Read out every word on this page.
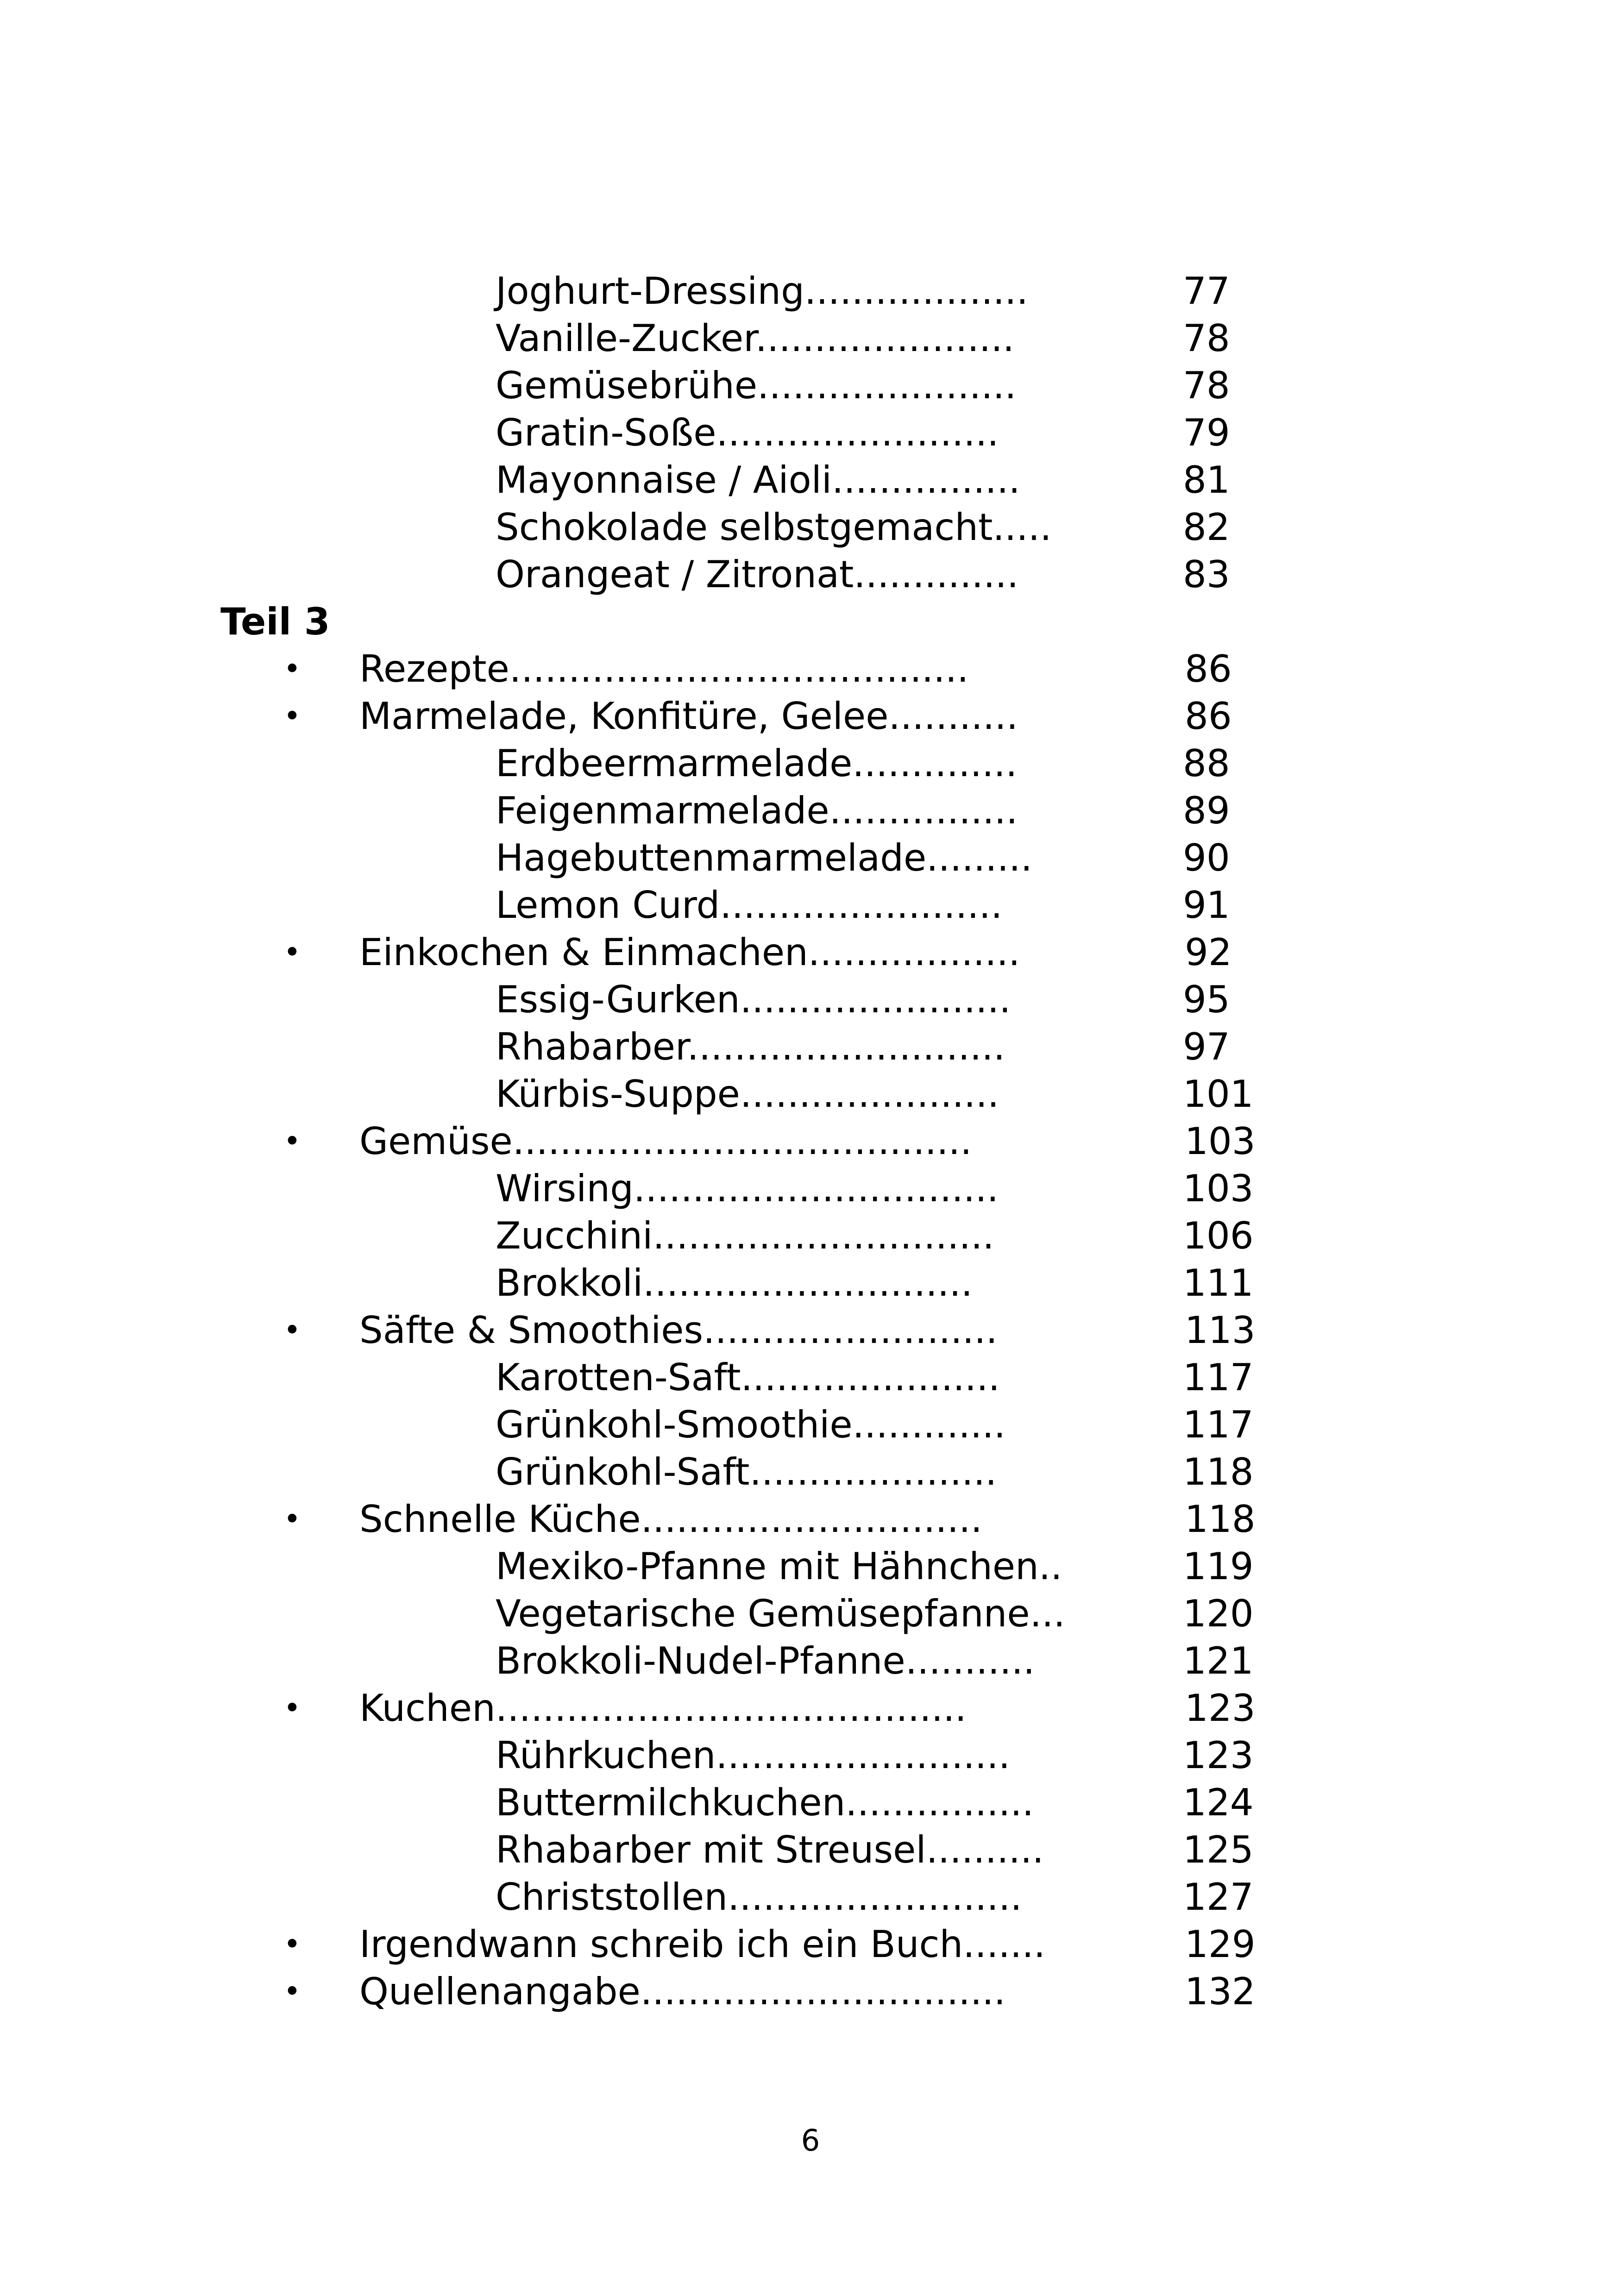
Joghurt-Dressing...................	77
Vanille-Zucker......................	78
Gemüsebrühe......................	78
Gratin-Soße........................	79
Mayonnaise / Aioli................	81
Schokolade selbstgemacht.....	82
Orangeat / Zitronat..............	83
Teil 3
• Rezepte.......................................	86
• Marmelade, Konfitüre, Gelee...........	86
Erdbeermarmelade..............	88
Feigenmarmelade................	89
Hagebuttenmarmelade.........	90
Lemon Curd........................	91
• Einkochen & Einmachen..................	92
Essig-Gurken.......................	95
Rhabarber...........................	97
Kürbis-Suppe......................	101
• Gemüse.......................................	103
Wirsing...............................	103
Zucchini.............................	106
Brokkoli............................	111
• Säfte & Smoothies.........................	113
Karotten-Saft......................	117
Grünkohl-Smoothie.............	117
Grünkohl-Saft.....................	118
• Schnelle Küche.............................	118
Mexiko-Pfanne mit Hähnchen..	119
Vegetarische Gemüsepfanne...	120
Brokkoli-Nudel-Pfanne...........	121
• Kuchen........................................	123
Rührkuchen.........................	123
Buttermilchkuchen................	124
Rhabarber mit Streusel..........	125
Christstollen.........................	127
• Irgendwann schreib ich ein Buch.......	129
• Quellenangabe...............................	132
6
